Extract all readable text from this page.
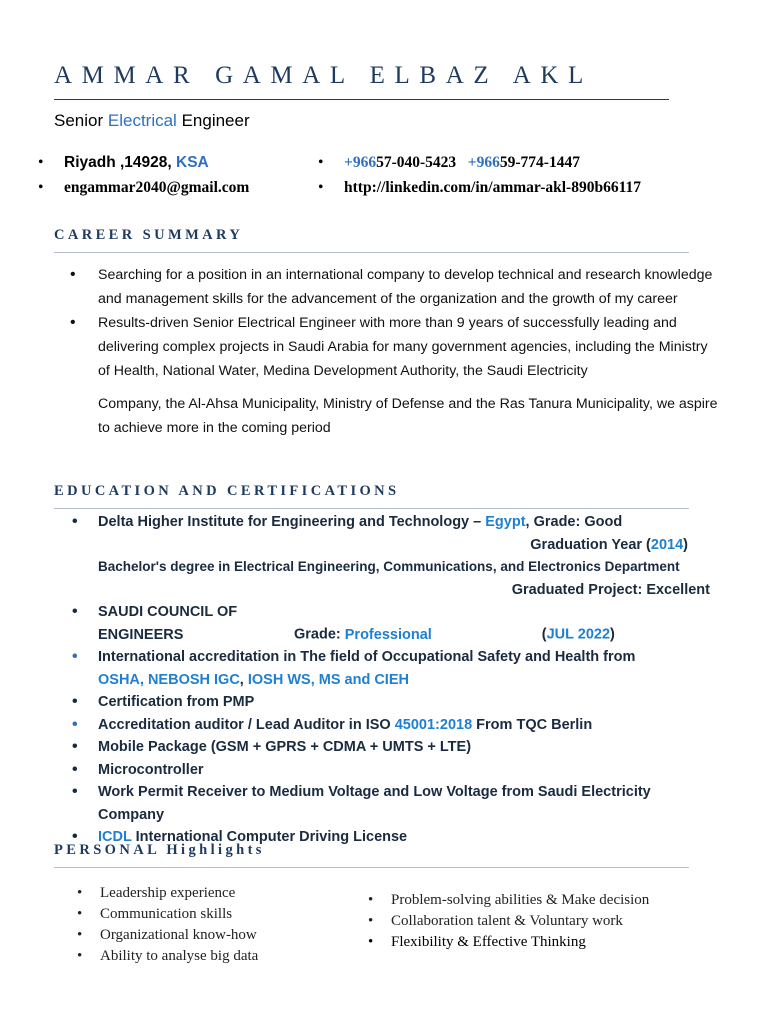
AMMAR GAMAL ELBAZ AKL
Senior Electrical Engineer
• Riyadh ,14928, KSA
• engammar2040@gmail.com
• +96657-040-5423 +96659-774-1447
• http://linkedin.com/in/ammar-akl-890b66117
CAREER SUMMARY
• Searching for a position in an international company to develop technical and research knowledge and management skills for the advancement of the organization and the growth of my career
• Results-driven Senior Electrical Engineer with more than 9 years of successfully leading and delivering complex projects in Saudi Arabia for many government agencies, including the Ministry of Health, National Water, Medina Development Authority, the Saudi Electricity
Company, the Al-Ahsa Municipality, Ministry of Defense and the Ras Tanura Municipality, we aspire to achieve more in the coming period
EDUCATION AND CERTIFICATIONS
• Delta Higher Institute for Engineering and Technology – Egypt, Grade: Good
Graduation Year (2014)
Bachelor's degree in Electrical Engineering, Communications, and Electronics Department
Graduated Project: Excellent
• SAUDI COUNCIL OF ENGINEERS	Grade: Professional	(JUL 2022)
• International accreditation in The field of Occupational Safety and Health from
OSHA, NEBOSH IGC, IOSH WS, MS and CIEH
• Certification from PMP
• Accreditation auditor / Lead Auditor in ISO 45001:2018 From TQC Berlin
• Mobile Package (GSM + GPRS + CDMA + UMTS + LTE)
• Microcontroller
• Work Permit Receiver to Medium Voltage and Low Voltage from Saudi Electricity Company
• ICDL International Computer Driving License
PERSONAL Highlights
• Leadership experience
• Communication skills
• Organizational know-how
• Ability to analyse big data
• Problem-solving abilities & Make decision
• Collaboration talent & Voluntary work
• Flexibility & Effective Thinking
